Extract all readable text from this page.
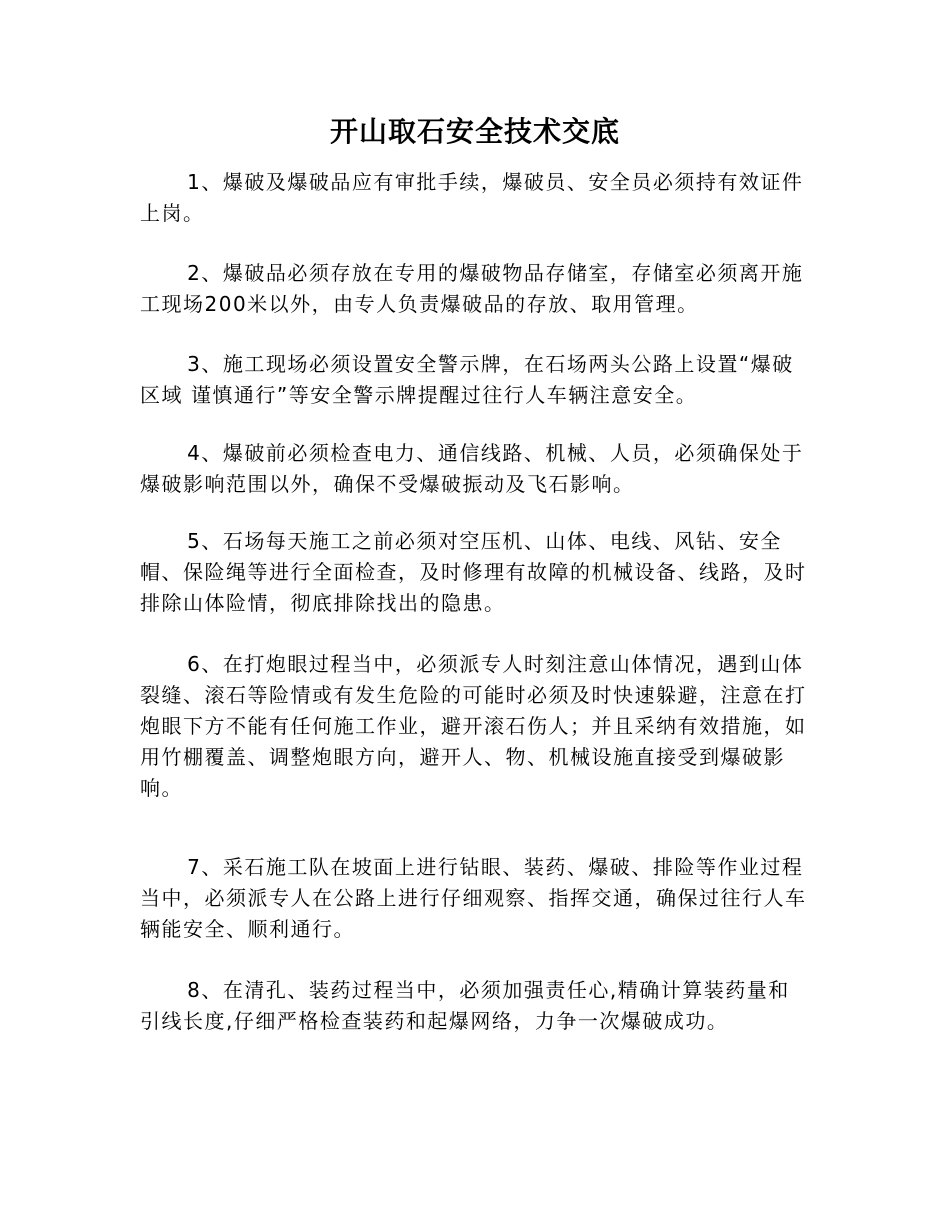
开山取石安全技术交底
1、爆破及爆破品应有审批手续，爆破员、安全员必须持有效证件上岗。
2、爆破品必须存放在专用的爆破物品存储室，存储室必须离开施工现场200米以外，由专人负责爆破品的存放、取用管理。
3、施工现场必须设置安全警示牌，在石场两头公路上设置“爆破区域 谨慎通行”等安全警示牌提醒过往行人车辆注意安全。
4、爆破前必须检查电力、通信线路、机械、人员，必须确保处于爆破影响范围以外，确保不受爆破振动及飞石影响。
5、石场每天施工之前必须对空压机、山体、电线、风钻、安全帽、保险绳等进行全面检查，及时修理有故障的机械设备、线路，及时排除山体险情，彻底排除找出的隐患。
6、在打炮眼过程当中，必须派专人时刻注意山体情况，遇到山体裂缝、滚石等险情或有发生危险的可能时必须及时快速躲避，注意在打炮眼下方不能有任何施工作业，避开滚石伤人；并且采纳有效措施，如用竹棚覆盖、调整炮眼方向，避开人、物、机械设施直接受到爆破影响。
7、采石施工队在坡面上进行钻眼、装药、爆破、排险等作业过程当中，必须派专人在公路上进行仔细观察、指挥交通，确保过往行人车辆能安全、顺利通行。
8、在清孔、装药过程当中，必须加强责任心,精确计算装药量和引线长度,仔细严格检查装药和起爆网络，力争一次爆破成功。
